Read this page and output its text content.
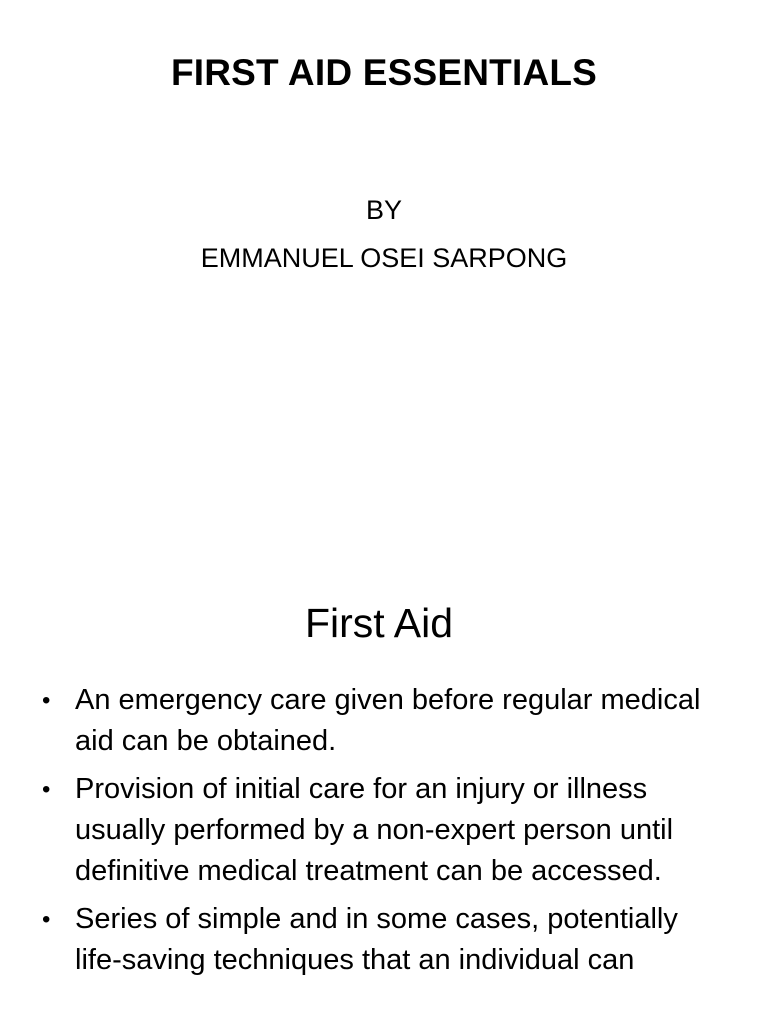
FIRST AID ESSENTIALS
BY
EMMANUEL OSEI SARPONG
First Aid
• An emergency care given before regular medical aid can be obtained.
• Provision of initial care for an injury or illness usually performed by a non-expert person until definitive medical treatment can be accessed.
• Series of simple and in some cases, potentially life-saving techniques that an individual can
